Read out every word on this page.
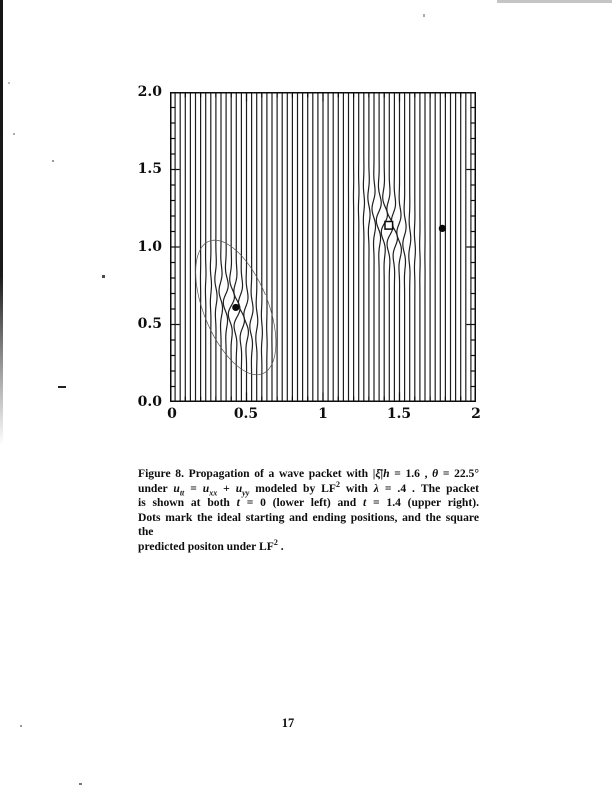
2.0
1.5
1.0
0.5
0.0
0	0.5	1	1.5	2
Figure 8. Propagation of a wave packet with |ξ̄|h = 1.6 , θ = 22.5°
under $u_{tt} = u_{xx} + u_{yy}$ modeled by $LF^2$ with λ = .4 . The packet
is shown at both t = 0 (lower left) and t = 1.4 (upper right).
Dots mark the ideal starting and ending positions, and the square the
predicted positon under $LF^2$ .
17
